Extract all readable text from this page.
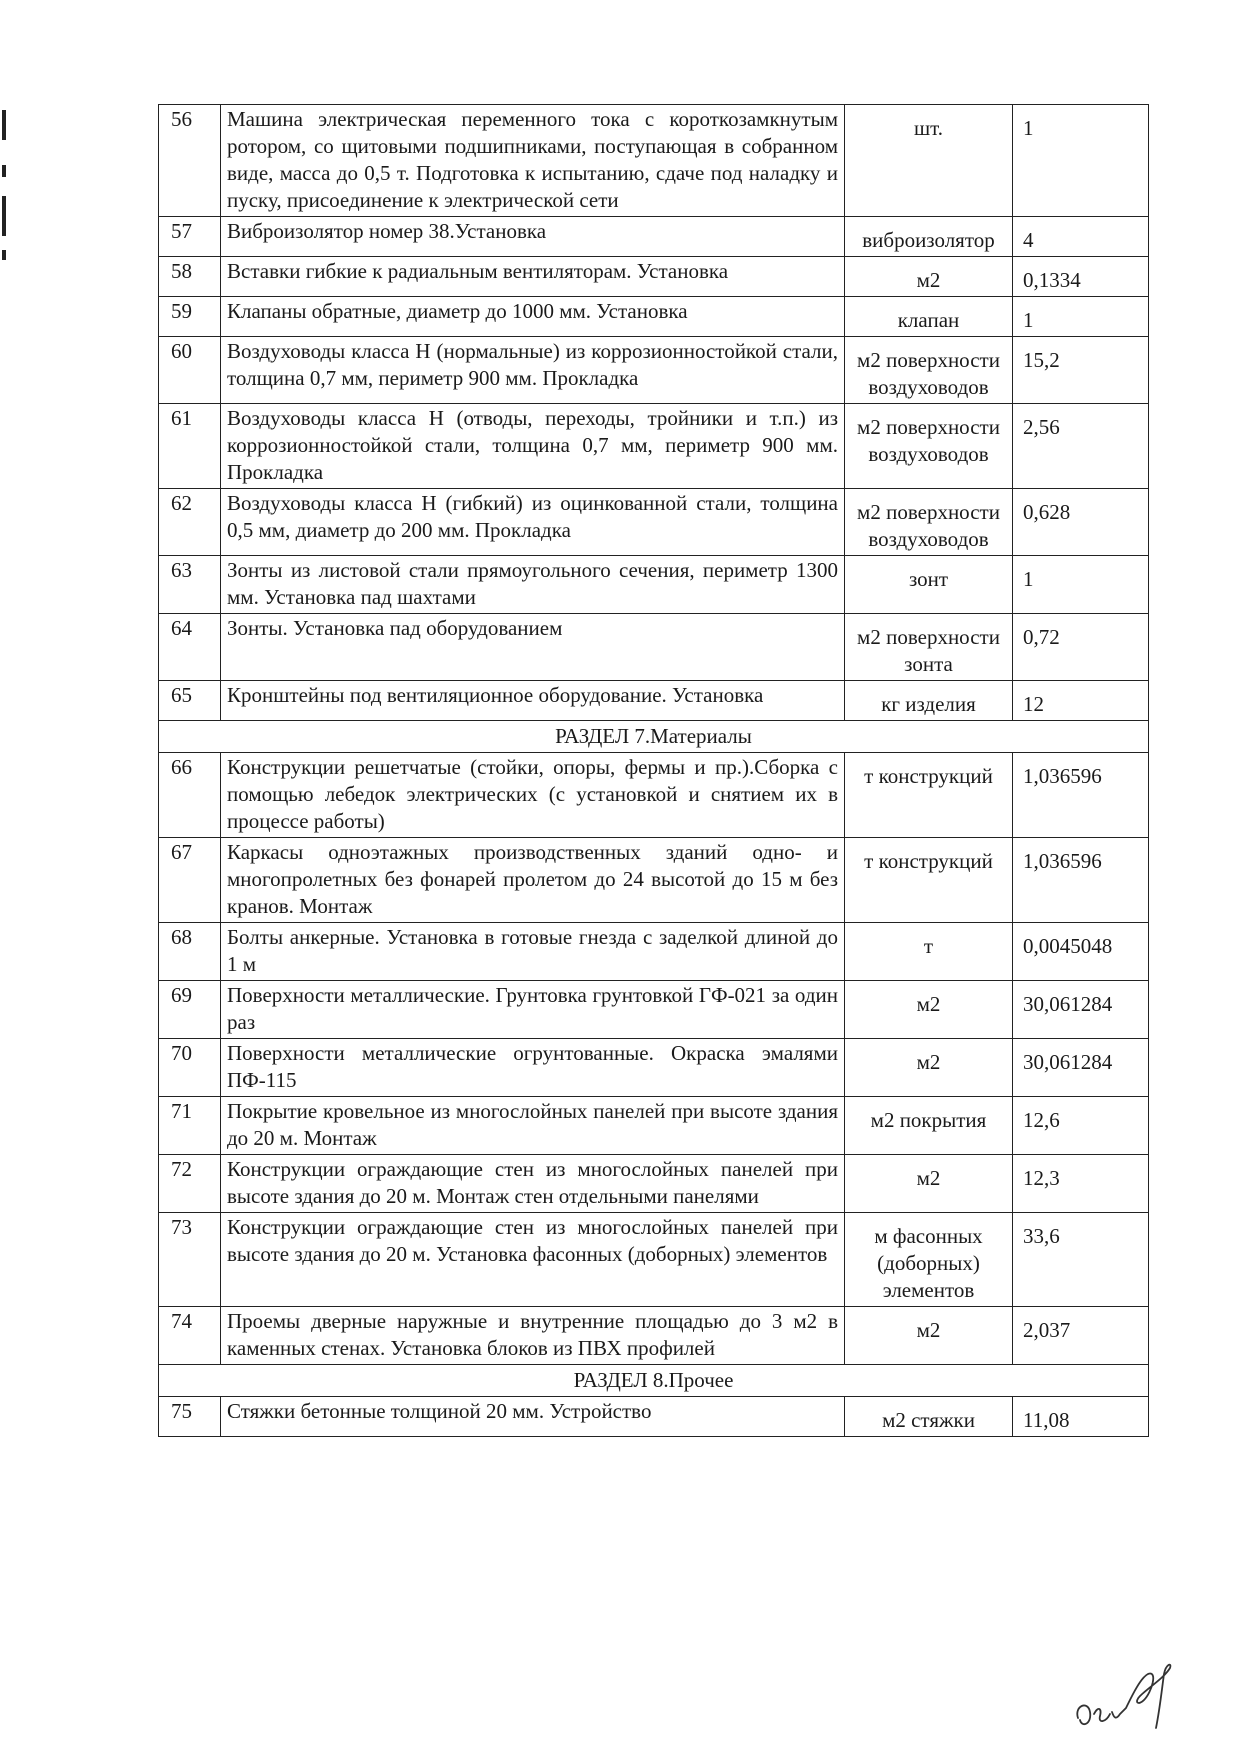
56	Машина электрическая переменного тока с короткозамкнутым ротором, со щитовыми подшипниками, поступающая в собранном виде, масса до 0,5 т. Подготовка к испытанию, сдаче под наладку и пуску, присоединение к электрической сети	шт.	1
57	Виброизолятор номер 38.Установка	виброизолятор	4
58	Вставки гибкие к радиальным вентиляторам. Установка	м2	0,1334
59	Клапаны обратные, диаметр до 1000 мм. Установка	клапан	1
60	Воздуховоды класса Н (нормальные) из коррозионностойкой стали, толщина 0,7 мм, периметр 900 мм. Прокладка	м2 поверхности воздуховодов	15,2
61	Воздуховоды класса Н (отводы, переходы, тройники и т.п.) из коррозионностойкой стали, толщина 0,7 мм, периметр 900 мм. Прокладка	м2 поверхности воздуховодов	2,56
62	Воздуховоды класса Н (гибкий) из оцинкованной стали, толщина 0,5 мм, диаметр до 200 мм. Прокладка	м2 поверхности воздуховодов	0,628
63	Зонты из листовой стали прямоугольного сечения, периметр 1300 мм. Установка пад шахтами	зонт	1
64	Зонты. Установка пад оборудованием	м2 поверхности зонта	0,72
65	Кронштейны под вентиляционное оборудование. Установка	кг изделия	12
РАЗДЕЛ 7.Материалы			
66	Конструкции решетчатые (стойки, опоры, фермы и пр.).Сборка с помощью лебедок электрических (с установкой и снятием их в процессе работы)	т конструкций	1,036596
67	Каркасы одноэтажных производственных зданий одно- и многопролетных без фонарей пролетом до 24 высотой до 15 м без кранов. Монтаж	т конструкций	1,036596
68	Болты анкерные. Установка в готовые гнезда с заделкой длиной до 1 м	т	0,0045048
69	Поверхности металлические. Грунтовка грунтовкой ГФ-021 за один раз	м2	30,061284
70	Поверхности металлические огрунтованные. Окраска эмалями ПФ-115	м2	30,061284
71	Покрытие кровельное из многослойных панелей при высоте здания до 20 м. Монтаж	м2 покрытия	12,6
72	Конструкции ограждающие стен из многослойных панелей при высоте здания до 20 м. Монтаж стен отдельными панелями	м2	12,3
73	Конструкции ограждающие стен из многослойных панелей при высоте здания до 20 м. Установка фасонных (доборных) элементов	м фасонных (доборных) элементов	33,6
74	Проемы дверные наружные и внутренние площадью до 3 м2 в каменных стенах. Установка блоков из ПВХ профилей	м2	2,037
РАЗДЕЛ 8.Прочее			
75	Стяжки бетонные толщиной 20 мм. Устройство	м2 стяжки	11,08
